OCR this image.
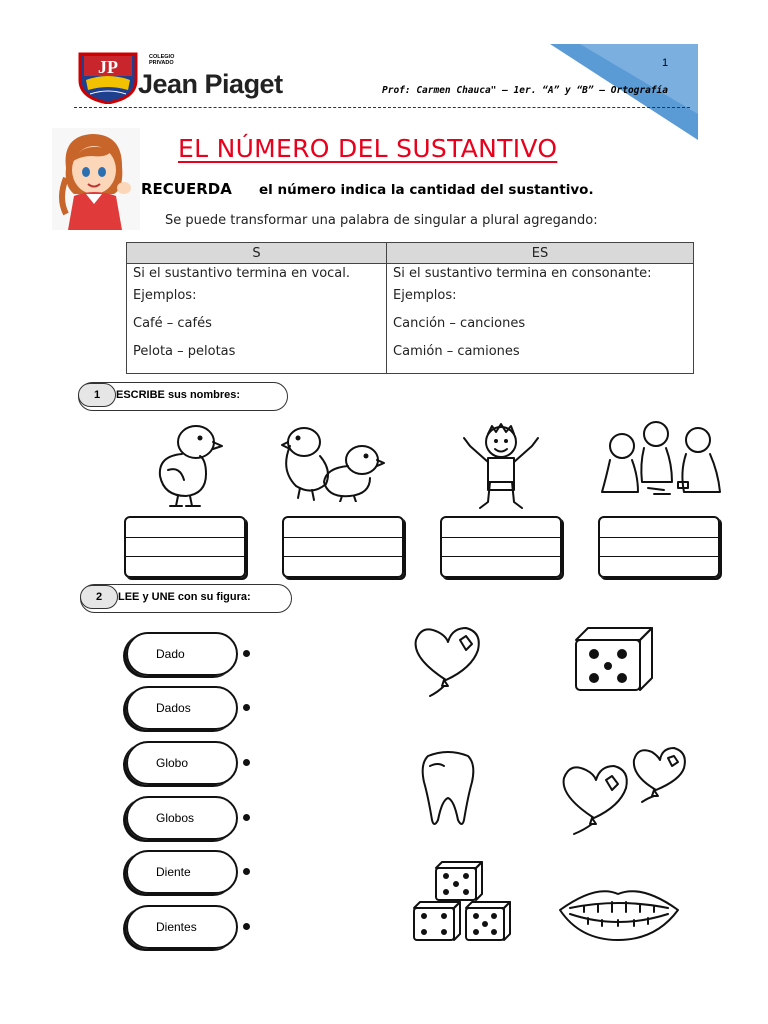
1
JP	COLEGIO PRIVADO
Jean Piaget	Prof: Carmen Chauca" – 1er. “A” y “B” – Ortografía
EL NÚMERO DEL SUSTANTIVO
RECUERDA el número indica la cantidad del sustantivo.
Se puede transformar una palabra de singular a plural agregando:
S	ES
Si el sustantivo termina en vocal.	Si el sustantivo termina en consonante:
Ejemplos:	Ejemplos:
Café – cafés	Canción – canciones
Pelota – pelotas	Camión – camiones
1	ESCRIBE sus nombres:
2	LEE y UNE con su figura:
Dado
Dados
Globo
Globos
Diente
Dientes
